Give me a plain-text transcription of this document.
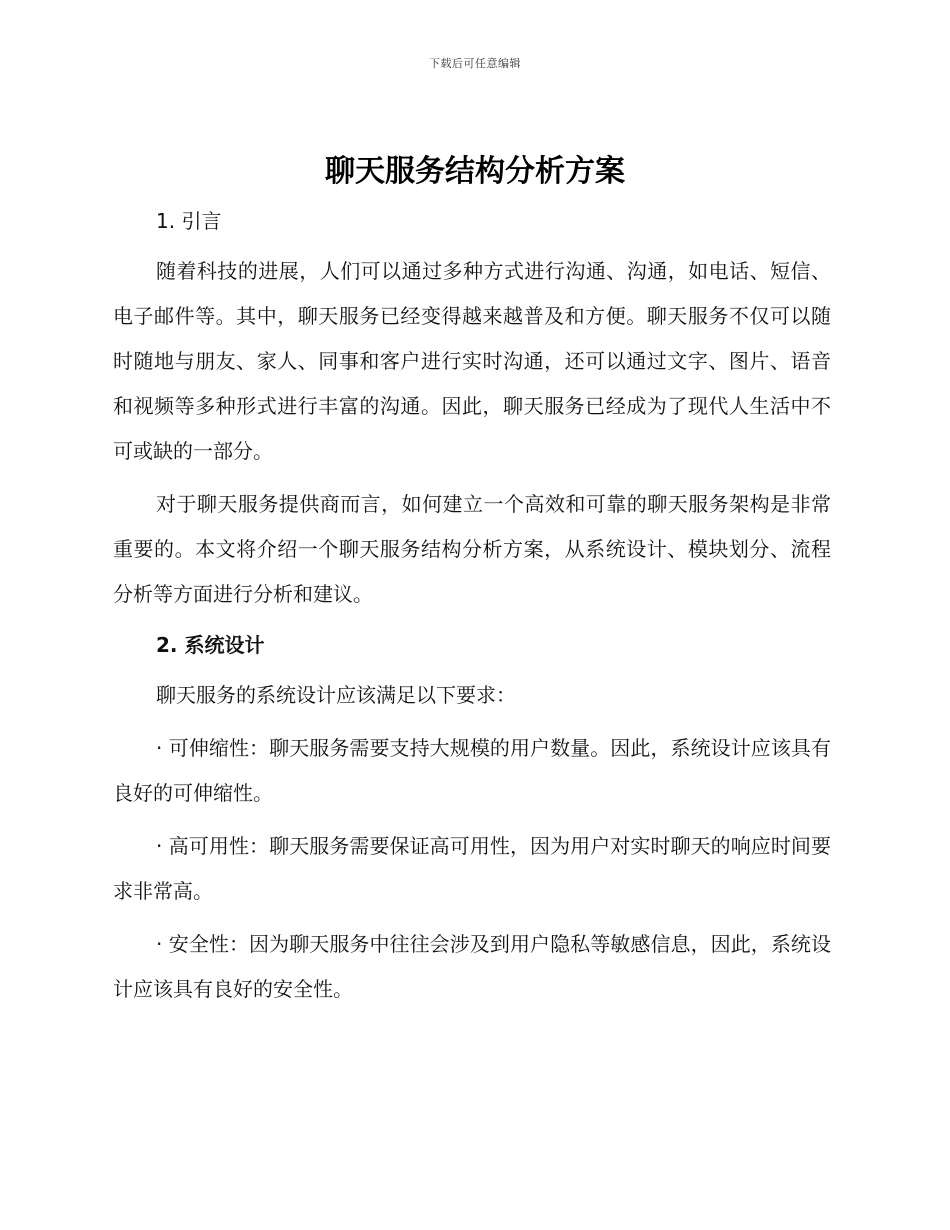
下载后可任意编辑
聊天服务结构分析方案
1. 引言

随着科技的进展，人们可以通过多种方式进行沟通、沟通，如电话、短信、电子邮件等。其中，聊天服务已经变得越来越普及和方便。聊天服务不仅可以随时随地与朋友、家人、同事和客户进行实时沟通，还可以通过文字、图片、语音和视频等多种形式进行丰富的沟通。因此，聊天服务已经成为了现代人生活中不可或缺的一部分。

对于聊天服务提供商而言，如何建立一个高效和可靠的聊天服务架构是非常重要的。本文将介绍一个聊天服务结构分析方案，从系统设计、模块划分、流程分析等方面进行分析和建议。

2. 系统设计

聊天服务的系统设计应该满足以下要求：

· 可伸缩性：聊天服务需要支持大规模的用户数量。因此，系统设计应该具有良好的可伸缩性。

· 高可用性：聊天服务需要保证高可用性，因为用户对实时聊天的响应时间要求非常高。

· 安全性：因为聊天服务中往往会涉及到用户隐私等敏感信息，因此，系统设计应该具有良好的安全性。
